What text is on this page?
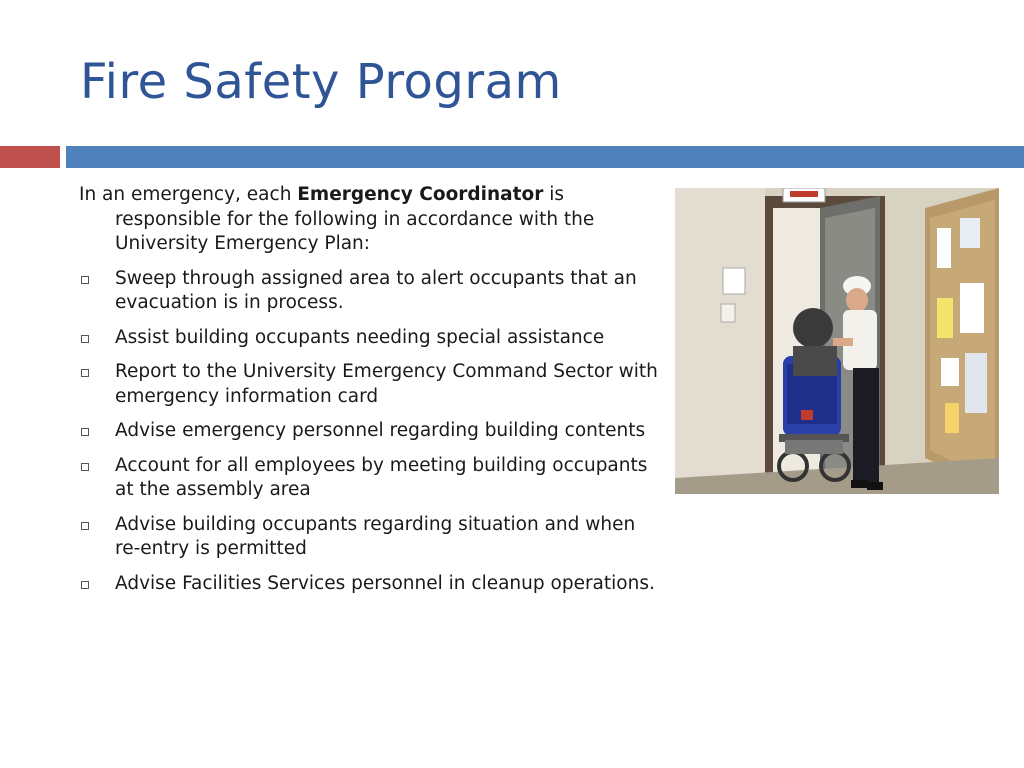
Fire Safety Program

In an emergency, each Emergency Coordinator is responsible for the following in accordance with the University Emergency Plan:

Sweep through assigned area to alert occupants that an evacuation is in process.
Assist building occupants needing special assistance
Report to the University Emergency Command Sector with emergency information card
Advise emergency personnel regarding building contents
Account for all employees by meeting building occupants at the assembly area
Advise building occupants regarding situation and when re-entry is permitted
Advise Facilities Services personnel in cleanup operations.
